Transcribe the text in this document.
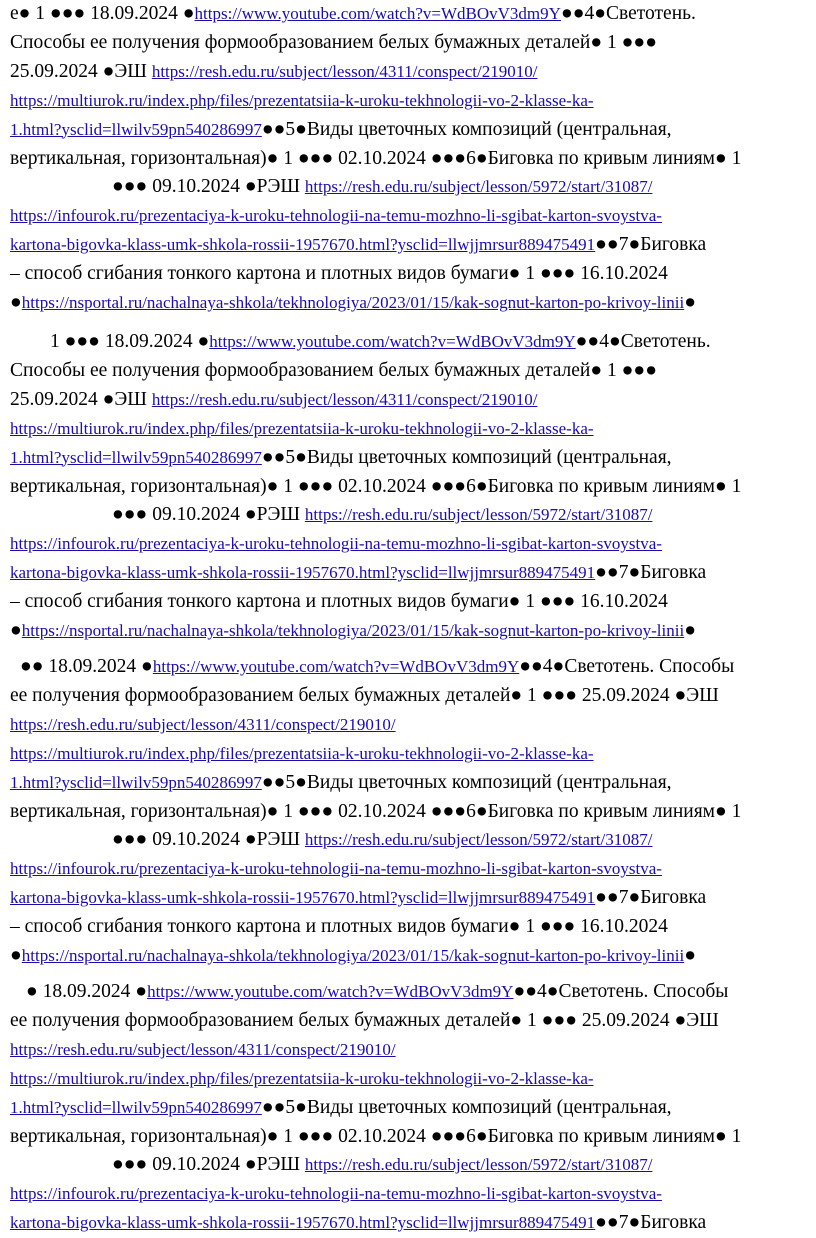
e● 1 ●●● 18.09.2024 ●https://www.youtube.com/watch?v=WdBOvV3dm9Y●●4●Светотень.
Способы ее получения формообразованием белых бумажных деталей● 1 ●●●
25.09.2024 ●ЭШ https://resh.edu.ru/subject/lesson/4311/conspect/219010/
https://multiurok.ru/index.php/files/prezentatsiia-k-uroku-tekhnologii-vo-2-klasse-ka-
1.html?ysclid=llwilv59pn540286997●●5●Виды цветочных композиций (центральная,
вертикальная, горизонтальная)● 1 ●●● 02.10.2024 ●●●6●Биговка по кривым линиям● 1
●●● 09.10.2024 ●РЭШ https://resh.edu.ru/subject/lesson/5972/start/31087/
https://infourok.ru/prezentaciya-k-uroku-tehnologii-na-temu-mozhno-li-sgibat-karton-svoystva-
kartona-bigovka-klass-umk-shkola-rossii-1957670.html?ysclid=llwjjmrsur889475491●●7●Биговка
– способ сгибания тонкого картона и плотных видов бумаги● 1 ●●● 16.10.2024
●https://nsportal.ru/nachalnaya-shkola/tekhnologiya/2023/01/15/kak-sognut-karton-po-krivoy-linii●
1 ●●● 18.09.2024 ●https://www.youtube.com/watch?v=WdBOvV3dm9Y●●4●Светотень.
Способы ее получения формообразованием белых бумажных деталей● 1 ●●●
25.09.2024 ●ЭШ https://resh.edu.ru/subject/lesson/4311/conspect/219010/
https://multiurok.ru/index.php/files/prezentatsiia-k-uroku-tekhnologii-vo-2-klasse-ka-
1.html?ysclid=llwilv59pn540286997●●5●Виды цветочных композиций (центральная,
вертикальная, горизонтальная)● 1 ●●● 02.10.2024 ●●●6●Биговка по кривым линиям● 1
●●● 09.10.2024 ●РЭШ https://resh.edu.ru/subject/lesson/5972/start/31087/
https://infourok.ru/prezentaciya-k-uroku-tehnologii-na-temu-mozhno-li-sgibat-karton-svoystva-
kartona-bigovka-klass-umk-shkola-rossii-1957670.html?ysclid=llwjjmrsur889475491●●7●Биговка
– способ сгибания тонкого картона и плотных видов бумаги● 1 ●●● 16.10.2024
●https://nsportal.ru/nachalnaya-shkola/tekhnologiya/2023/01/15/kak-sognut-karton-po-krivoy-linii●
●● 18.09.2024 ●https://www.youtube.com/watch?v=WdBOvV3dm9Y●●4●Светотень. Способы
ее получения формообразованием белых бумажных деталей● 1 ●●● 25.09.2024 ●ЭШ
https://resh.edu.ru/subject/lesson/4311/conspect/219010/
https://multiurok.ru/index.php/files/prezentatsiia-k-uroku-tekhnologii-vo-2-klasse-ka-
1.html?ysclid=llwilv59pn540286997●●5●Виды цветочных композиций (центральная,
вертикальная, горизонтальная)● 1 ●●● 02.10.2024 ●●●6●Биговка по кривым линиям● 1
●●● 09.10.2024 ●РЭШ https://resh.edu.ru/subject/lesson/5972/start/31087/
https://infourok.ru/prezentaciya-k-uroku-tehnologii-na-temu-mozhno-li-sgibat-karton-svoystva-
kartona-bigovka-klass-umk-shkola-rossii-1957670.html?ysclid=llwjjmrsur889475491●●7●Биговка
– способ сгибания тонкого картона и плотных видов бумаги● 1 ●●● 16.10.2024
●https://nsportal.ru/nachalnaya-shkola/tekhnologiya/2023/01/15/kak-sognut-karton-po-krivoy-linii●
● 18.09.2024 ●https://www.youtube.com/watch?v=WdBOvV3dm9Y●●4●Светотень. Способы
ее получения формообразованием белых бумажных деталей● 1 ●●● 25.09.2024 ●ЭШ
https://resh.edu.ru/subject/lesson/4311/conspect/219010/
https://multiurok.ru/index.php/files/prezentatsiia-k-uroku-tekhnologii-vo-2-klasse-ka-
1.html?ysclid=llwilv59pn540286997●●5●Виды цветочных композиций (центральная,
вертикальная, горизонтальная)● 1 ●●● 02.10.2024 ●●●6●Биговка по кривым линиям● 1
●●● 09.10.2024 ●РЭШ https://resh.edu.ru/subject/lesson/5972/start/31087/
https://infourok.ru/prezentaciya-k-uroku-tehnologii-na-temu-mozhno-li-sgibat-karton-svoystva-
kartona-bigovka-klass-umk-shkola-rossii-1957670.html?ysclid=llwjjmrsur889475491●●7●Биговка
